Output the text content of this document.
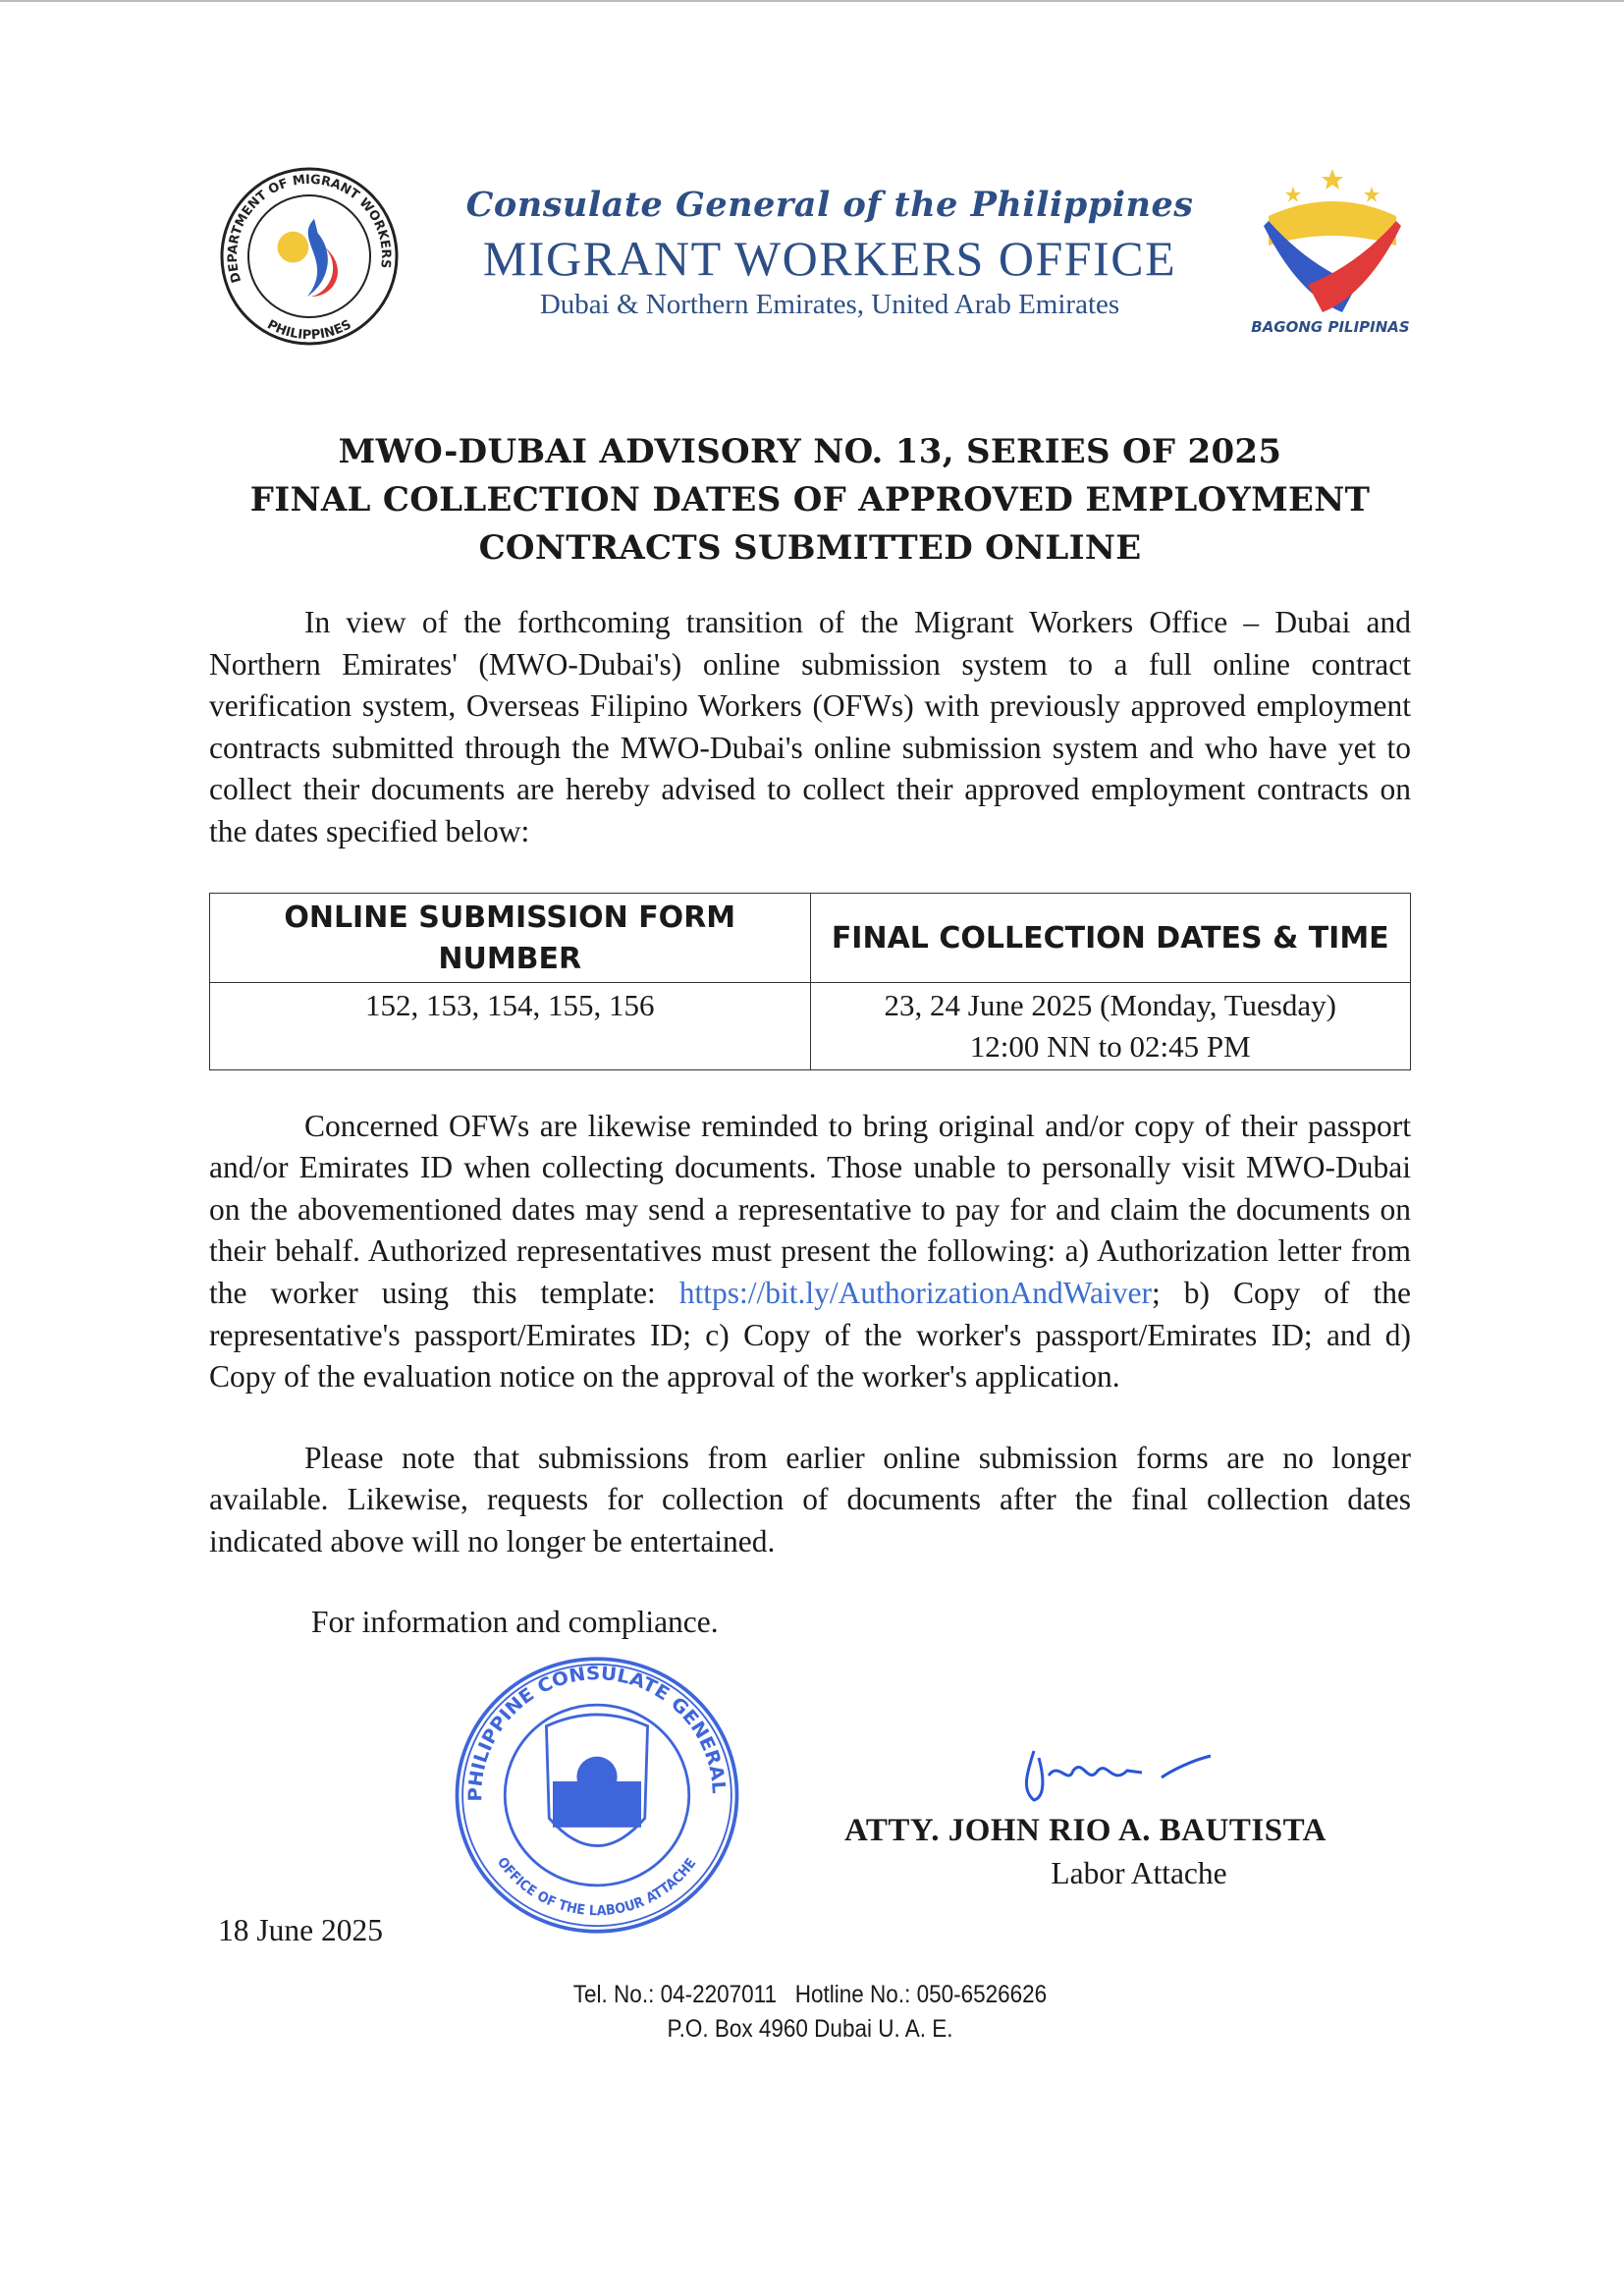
DEPARTMENT OF MIGRANT WORKERS
PHILIPPINES
Consulate General of the Philippines
MIGRANT WORKERS OFFICE
Dubai & Northern Emirates, United Arab Emirates
BAGONG PILIPINAS
MWO-DUBAI ADVISORY NO. 13, SERIES OF 2025
FINAL COLLECTION DATES OF APPROVED EMPLOYMENT
CONTRACTS SUBMITTED ONLINE
In view of the forthcoming transition of the Migrant Workers Office – Dubai and Northern Emirates' (MWO-Dubai's) online submission system to a full online contract verification system, Overseas Filipino Workers (OFWs) with previously approved employment contracts submitted through the MWO-Dubai's online submission system and who have yet to collect their documents are hereby advised to collect their approved employment contracts on the dates specified below:
ONLINE SUBMISSION FORM NUMBER	FINAL COLLECTION DATES & TIME
152, 153, 154, 155, 156	23, 24 June 2025 (Monday, Tuesday)
12:00 NN to 02:45 PM
Concerned OFWs are likewise reminded to bring original and/or copy of their passport and/or Emirates ID when collecting documents. Those unable to personally visit MWO-Dubai on the abovementioned dates may send a representative to pay for and claim the documents on their behalf. Authorized representatives must present the following: a) Authorization letter from the worker using this template: https://bit.ly/AuthorizationAndWaiver; b) Copy of the representative's passport/Emirates ID; c) Copy of the worker's passport/Emirates ID; and d) Copy of the evaluation notice on the approval of the worker's application.
Please note that submissions from earlier online submission forms are no longer available. Likewise, requests for collection of documents after the final collection dates indicated above will no longer be entertained.
For information and compliance.
PHILIPPINE CONSULATE GENERAL
OFFICE OF THE LABOUR ATTACHE
ATTY. JOHN RIO A. BAUTISTA
Labor Attache
18 June 2025
Tel. No.: 04-2207011   Hotline No.: 050-6526626
P.O. Box 4960 Dubai U. A. E.
